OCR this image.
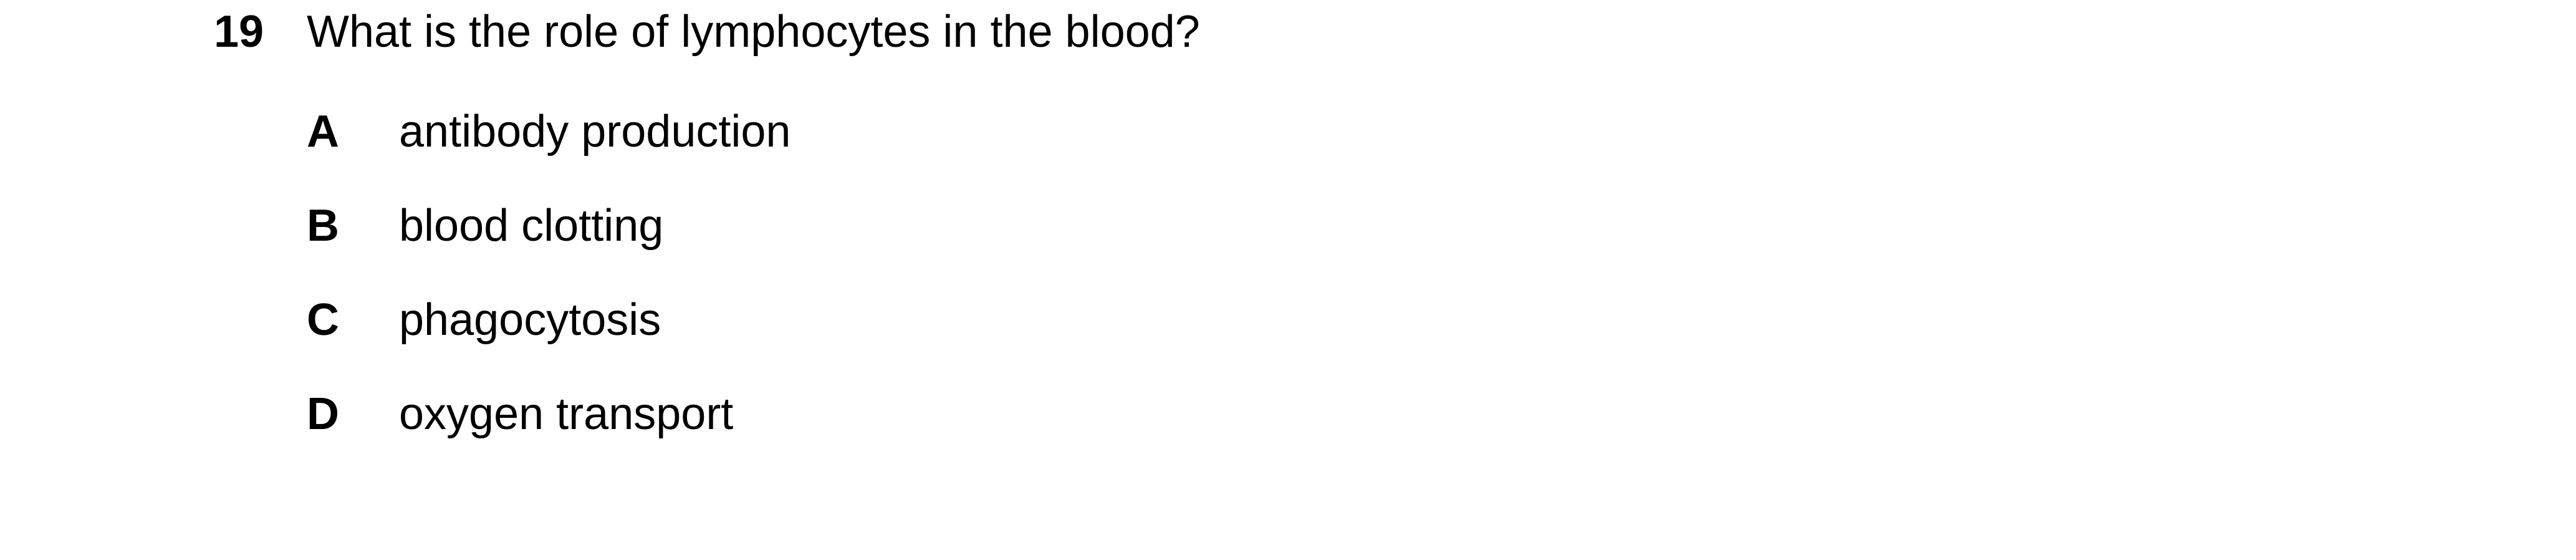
19 What is the role of lymphocytes in the blood?
A antibody production
B blood clotting
C phagocytosis
D oxygen transport
